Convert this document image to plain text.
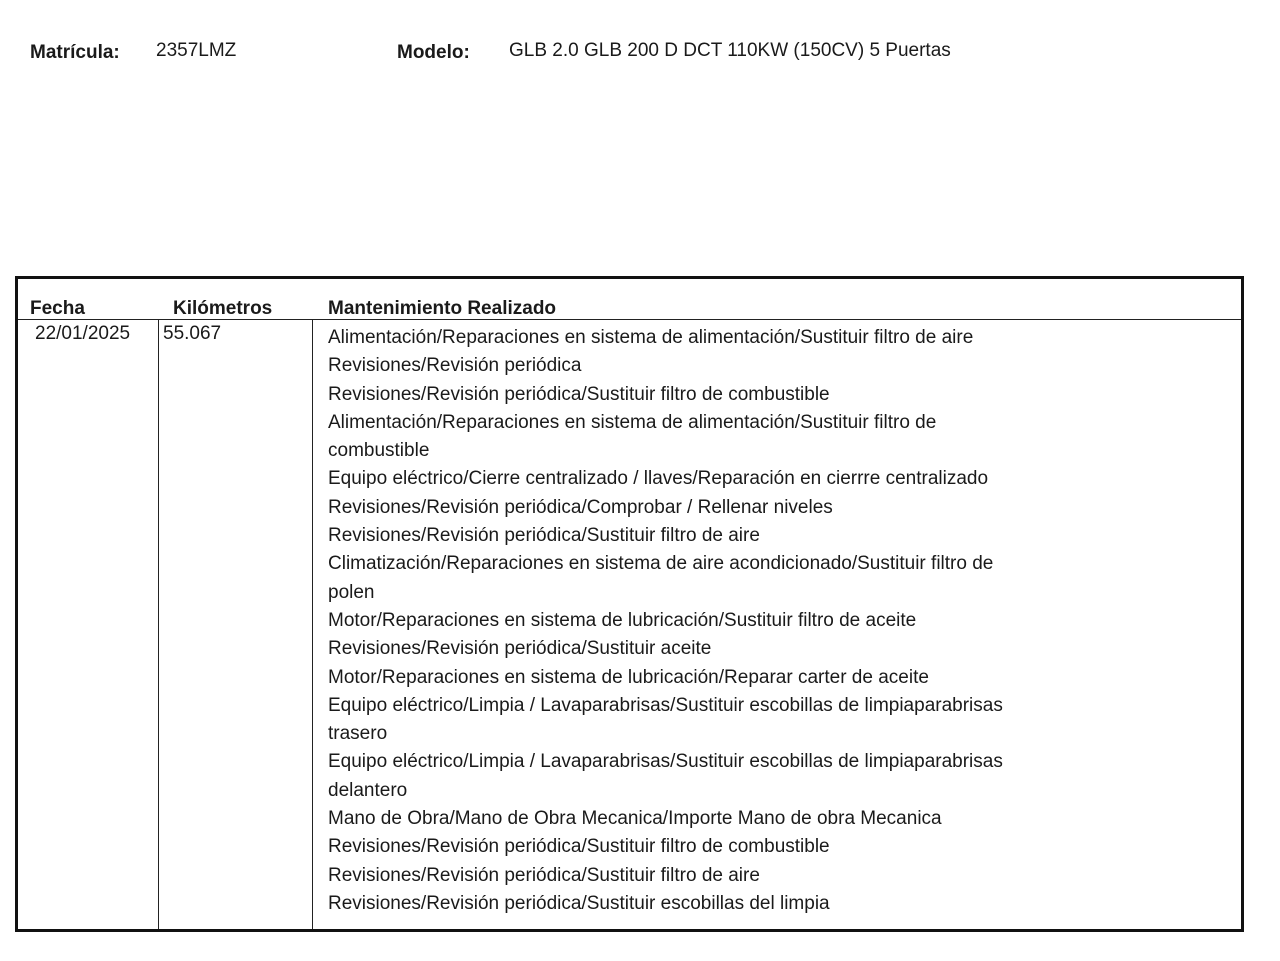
Matrícula: 2357LMZ	Modelo: GLB 2.0 GLB 200 D DCT 110KW (150CV) 5 Puertas
Fecha	Kilómetros	Mantenimiento Realizado
22/01/2025 55.067	Alimentación/Reparaciones en sistema de alimentación/Sustituir filtro de aire
Revisiones/Revisión periódica
Revisiones/Revisión periódica/Sustituir filtro de combustible
Alimentación/Reparaciones en sistema de alimentación/Sustituir filtro de
combustible
Equipo eléctrico/Cierre centralizado / llaves/Reparación en cierrre centralizado
Revisiones/Revisión periódica/Comprobar / Rellenar niveles
Revisiones/Revisión periódica/Sustituir filtro de aire
Climatización/Reparaciones en sistema de aire acondicionado/Sustituir filtro de
polen
Motor/Reparaciones en sistema de lubricación/Sustituir filtro de aceite
Revisiones/Revisión periódica/Sustituir aceite
Motor/Reparaciones en sistema de lubricación/Reparar carter de aceite
Equipo eléctrico/Limpia / Lavaparabrisas/Sustituir escobillas de limpiaparabrisas
trasero
Equipo eléctrico/Limpia / Lavaparabrisas/Sustituir escobillas de limpiaparabrisas
delantero
Mano de Obra/Mano de Obra Mecanica/Importe Mano de obra Mecanica
Revisiones/Revisión periódica/Sustituir filtro de combustible
Revisiones/Revisión periódica/Sustituir filtro de aire
Revisiones/Revisión periódica/Sustituir escobillas del limpia
